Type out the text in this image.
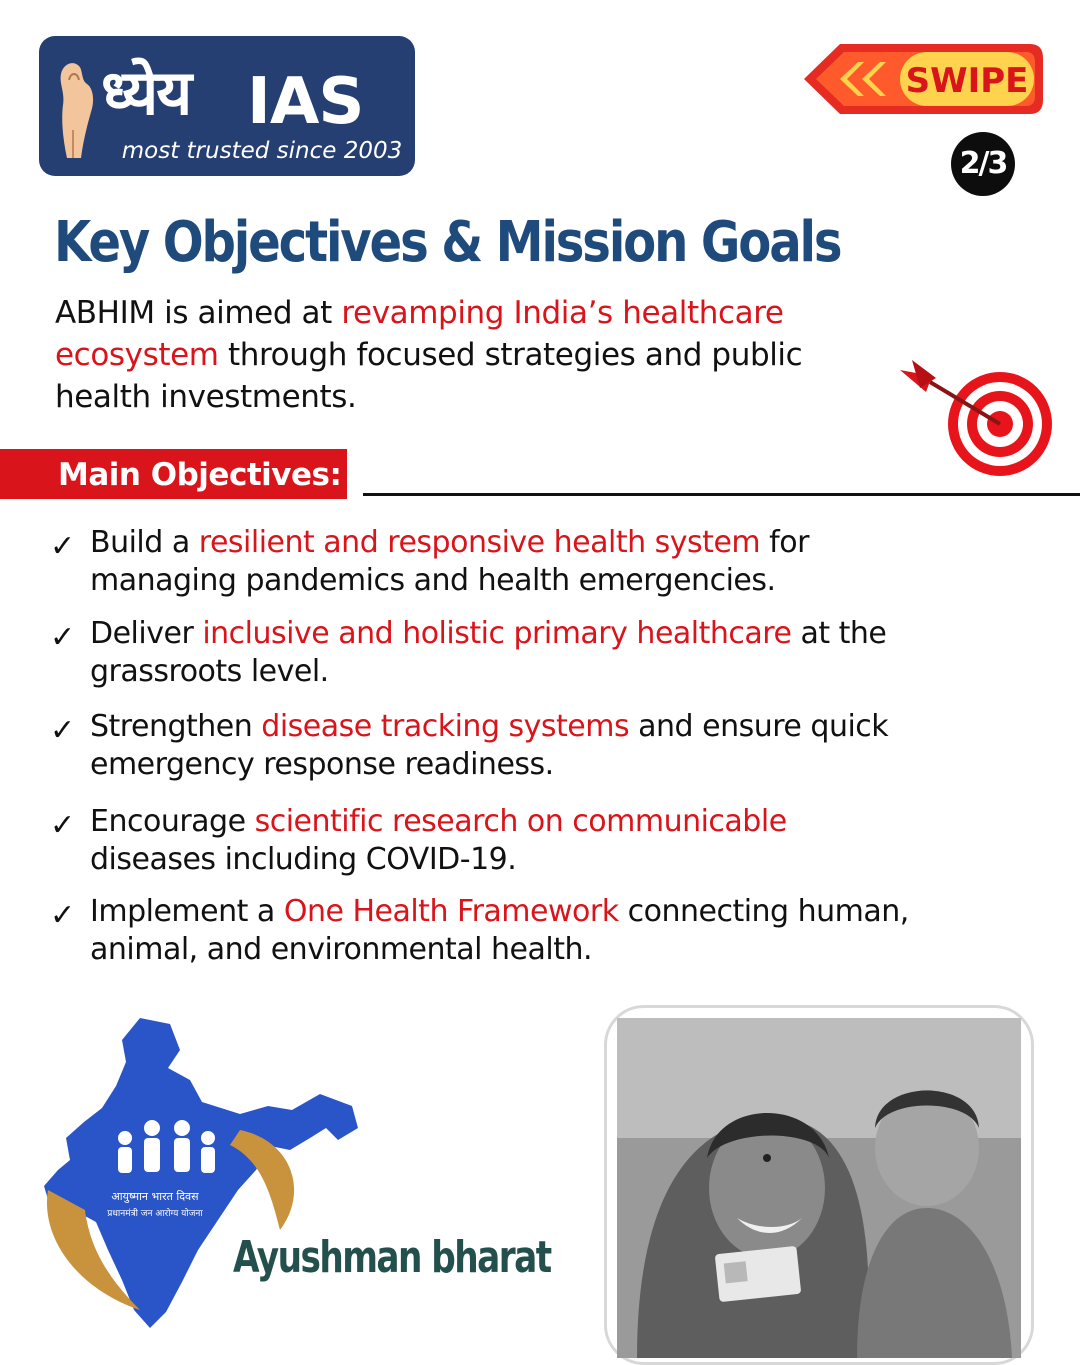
ध्येय IAS	®
most trusted since 2003
SWIPE
2/3
Key Objectives & Mission Goals
ABHIM is aimed at revamping India’s healthcare ecosystem through focused strategies and public health investments.
Main Objectives:
✓ Build a resilient and responsive health system for managing pandemics and health emergencies.
✓ Deliver inclusive and holistic primary healthcare at the grassroots level.
✓ Strengthen disease tracking systems and ensure quick emergency response readiness.
✓ Encourage scientific research on communicable diseases including COVID-19.
✓ Implement a One Health Framework connecting human, animal, and environmental health.
आयुष्मान भारत दिवस
प्रधानमंत्री जन आरोग्य योजना
Ayushman bharat
